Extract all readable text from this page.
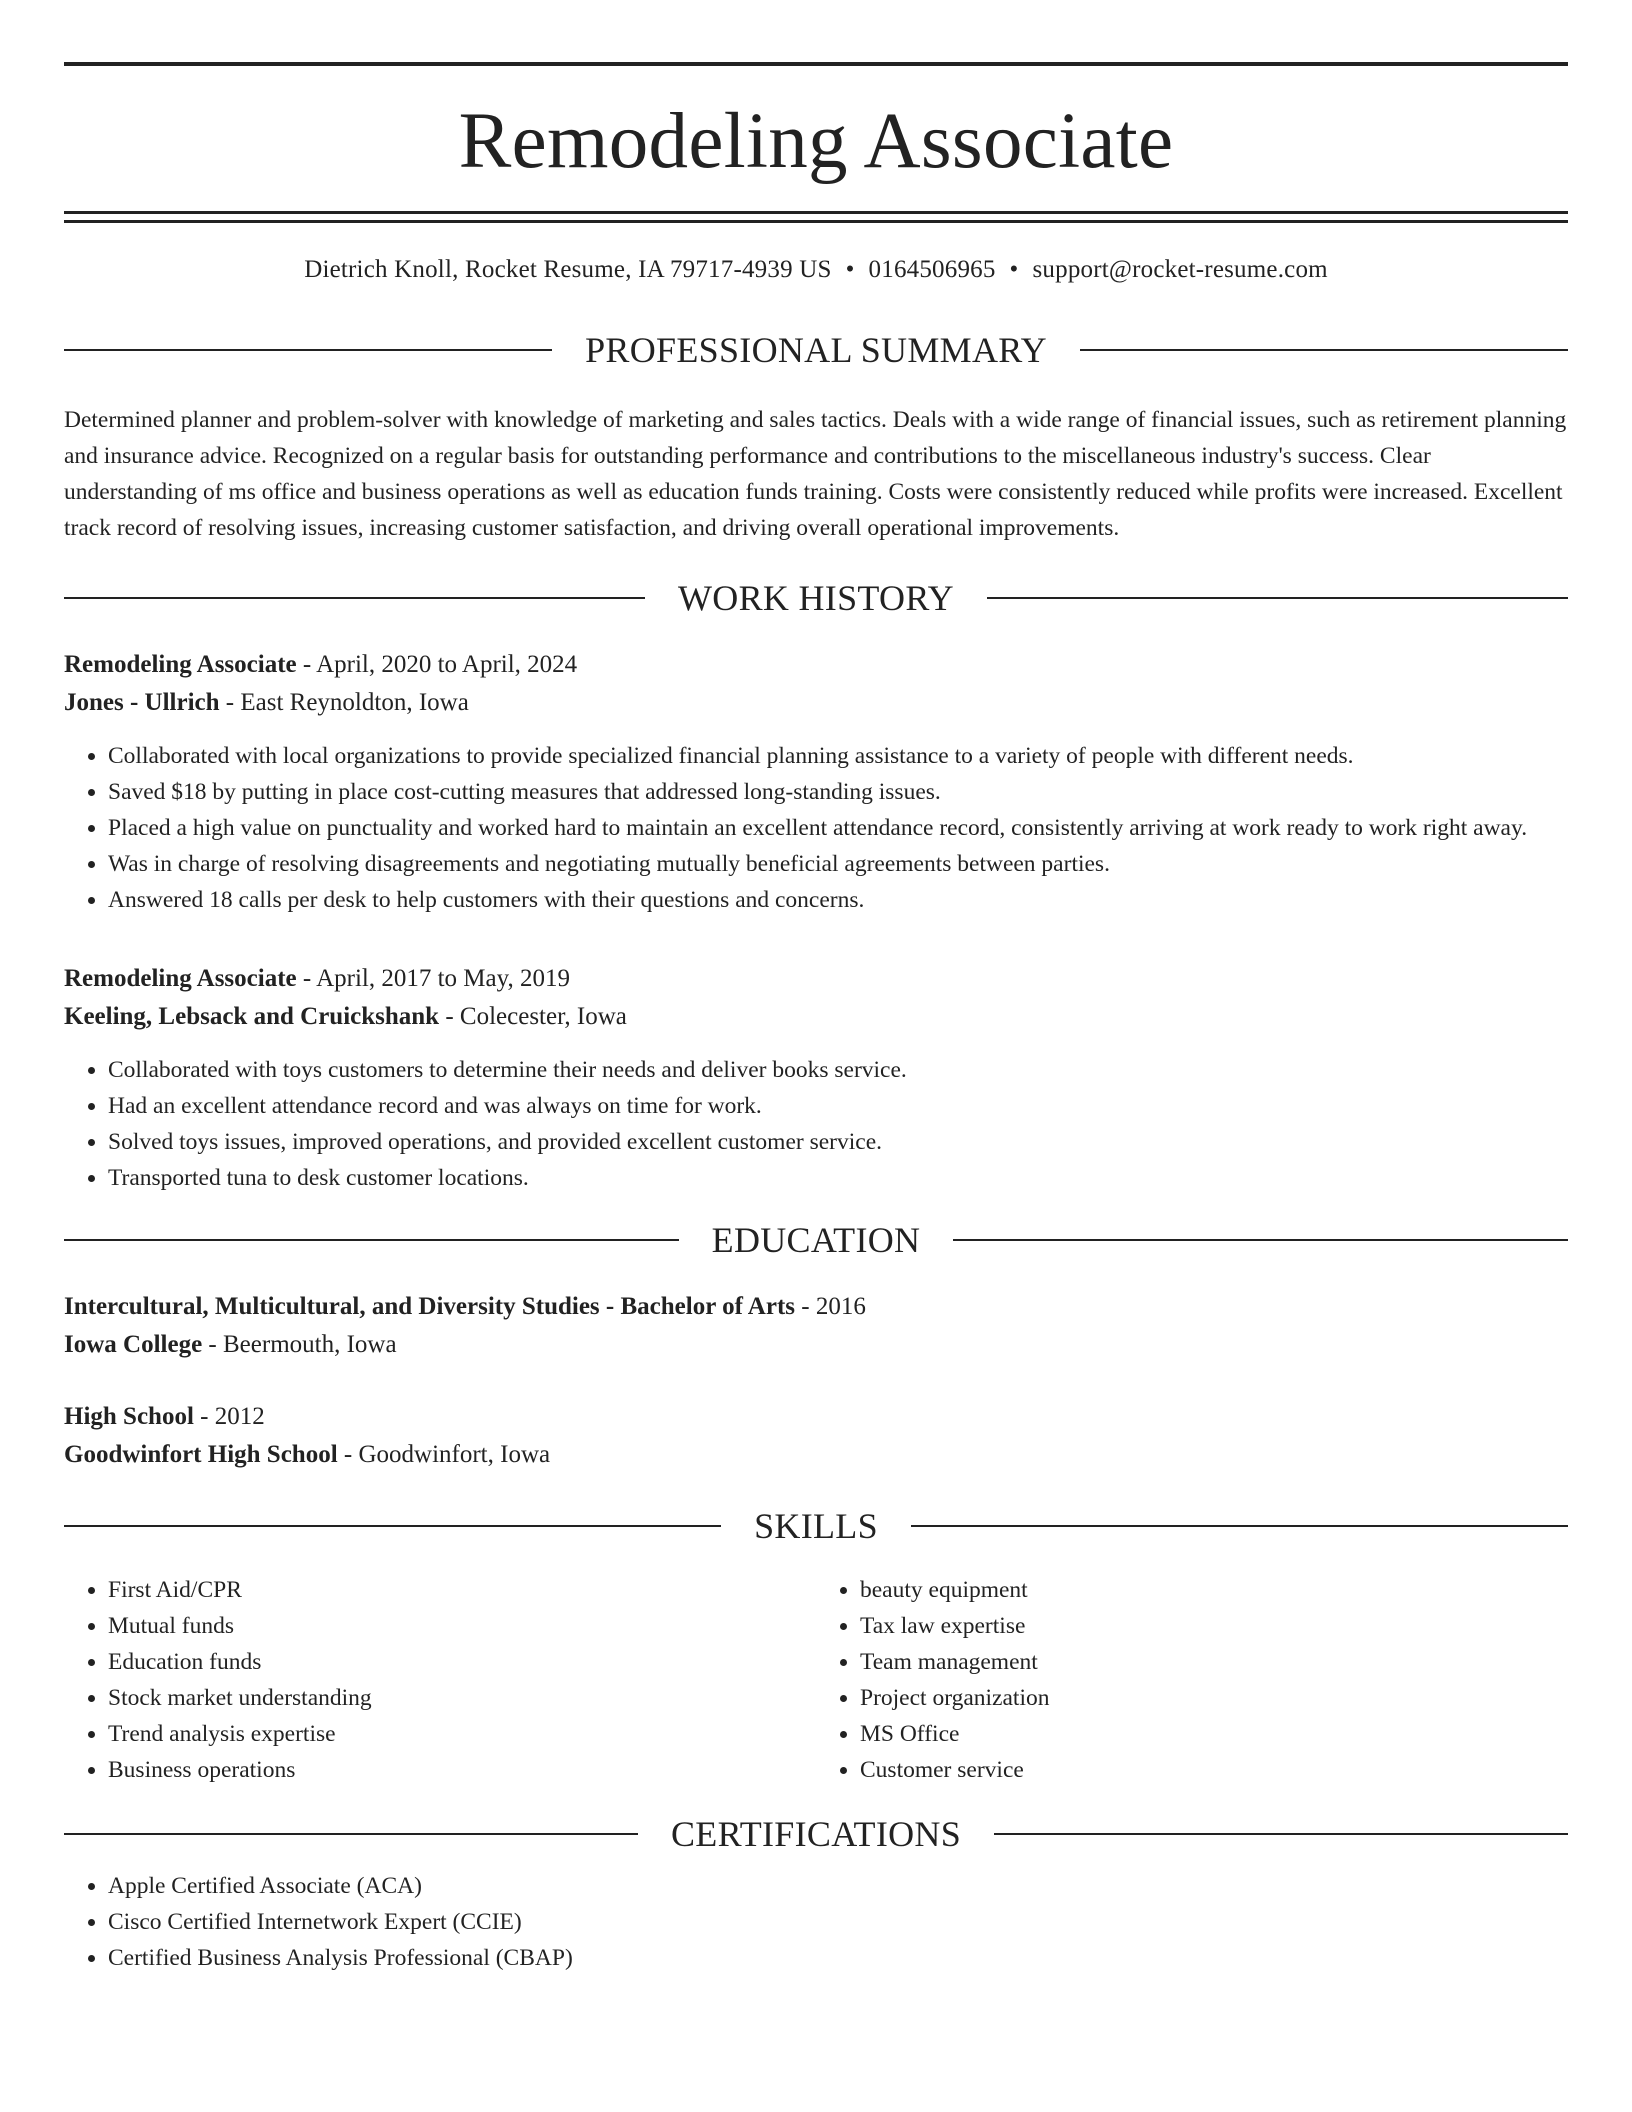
Remodeling Associate
Dietrich Knoll, Rocket Resume, IA 79717-4939 US • 0164506965 • support@rocket-resume.com
PROFESSIONAL SUMMARY
Determined planner and problem-solver with knowledge of marketing and sales tactics. Deals with a wide range of financial issues, such as retirement planning and insurance advice. Recognized on a regular basis for outstanding performance and contributions to the miscellaneous industry's success. Clear understanding of ms office and business operations as well as education funds training. Costs were consistently reduced while profits were increased. Excellent track record of resolving issues, increasing customer satisfaction, and driving overall operational improvements.
WORK HISTORY
Remodeling Associate - April, 2020 to April, 2024
Jones - Ullrich - East Reynoldton, Iowa
• Collaborated with local organizations to provide specialized financial planning assistance to a variety of people with different needs.
• Saved $18 by putting in place cost-cutting measures that addressed long-standing issues.
• Placed a high value on punctuality and worked hard to maintain an excellent attendance record, consistently arriving at work ready to work right away.
• Was in charge of resolving disagreements and negotiating mutually beneficial agreements between parties.
• Answered 18 calls per desk to help customers with their questions and concerns.
Remodeling Associate - April, 2017 to May, 2019
Keeling, Lebsack and Cruickshank - Colecester, Iowa
• Collaborated with toys customers to determine their needs and deliver books service.
• Had an excellent attendance record and was always on time for work.
• Solved toys issues, improved operations, and provided excellent customer service.
• Transported tuna to desk customer locations.
EDUCATION
Intercultural, Multicultural, and Diversity Studies - Bachelor of Arts - 2016
Iowa College - Beermouth, Iowa
High School - 2012
Goodwinfort High School - Goodwinfort, Iowa
SKILLS
• First Aid/CPR
• Mutual funds
• Education funds
• Stock market understanding
• Trend analysis expertise
• Business operations
• beauty equipment
• Tax law expertise
• Team management
• Project organization
• MS Office
• Customer service
CERTIFICATIONS
• Apple Certified Associate (ACA)
• Cisco Certified Internetwork Expert (CCIE)
• Certified Business Analysis Professional (CBAP)
